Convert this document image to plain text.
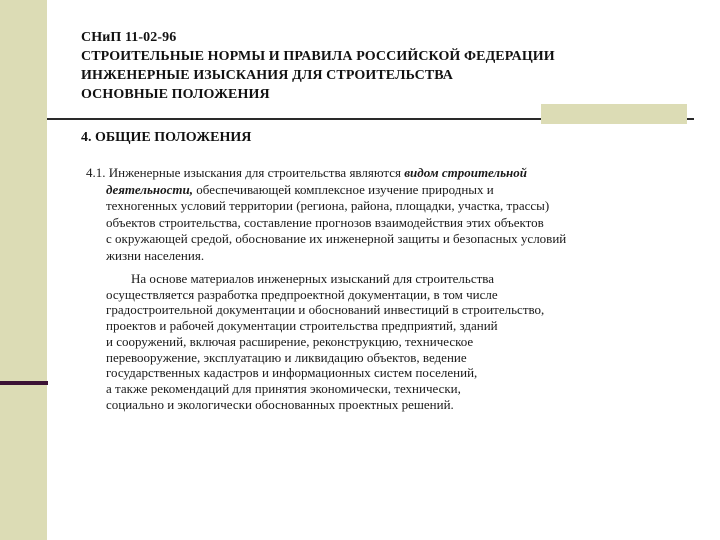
СНиП 11-02-96
СТРОИТЕЛЬНЫЕ НОРМЫ И ПРАВИЛА РОССИЙСКОЙ ФЕДЕРАЦИИ
ИНЖЕНЕРНЫЕ ИЗЫСКАНИЯ ДЛЯ СТРОИТЕЛЬСТВА
ОСНОВНЫЕ ПОЛОЖЕНИЯ
4. ОБЩИЕ ПОЛОЖЕНИЯ
4.1. Инженерные изыскания для строительства являются видом строительной
деятельности, обеспечивающей комплексное изучение природных и
техногенных условий территории (региона, района, площадки, участка, трассы)
объектов строительства, составление прогнозов взаимодействия этих объектов
с окружающей средой, обоснование их инженерной защиты и безопасных условий
жизни населения.
На основе материалов инженерных изысканий для строительства
осуществляется разработка предпроектной документации, в том числе
градостроительной документации и обоснований инвестиций в строительство,
проектов и рабочей документации строительства предприятий, зданий
и сооружений, включая расширение, реконструкцию, техническое
перевооружение, эксплуатацию и ликвидацию объектов, ведение
государственных кадастров и информационных систем поселений,
а также рекомендаций для принятия экономически, технически,
социально и экологически обоснованных проектных решений.
